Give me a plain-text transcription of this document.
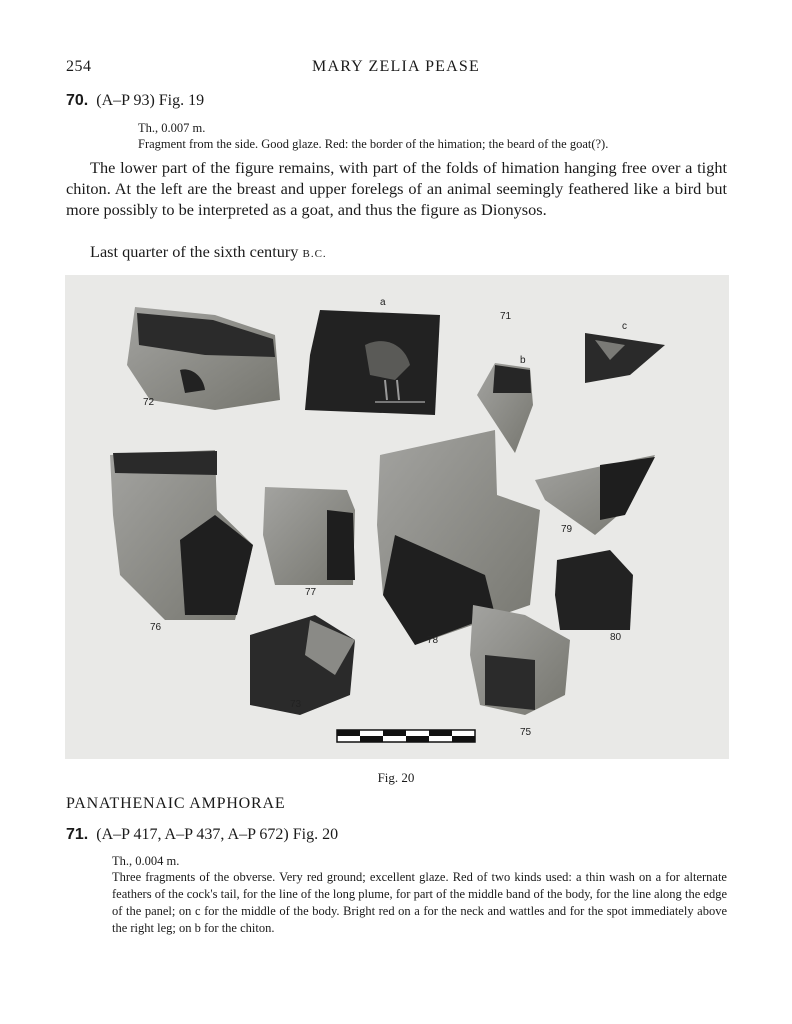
254	MARY ZELIA PEASE
70. (A–P 93) Fig. 19
Th., 0.007 m.
Fragment from the side. Good glaze. Red: the border of the himation; the beard of the goat(?).
The lower part of the figure remains, with part of the folds of himation hanging free over a tight chiton. At the left are the breast and upper forelegs of an animal seemingly feathered like a bird but more possibly to be interpreted as a goat, and thus the figure as Dionysos.
Last quarter of the sixth century B.C.
a
71
b
c
72
76
77
78
79
80
73
75
Fig. 20
PANATHENAIC AMPHORAE
71. (A–P 417, A–P 437, A–P 672) Fig. 20
Th., 0.004 m.
Three fragments of the obverse. Very red ground; excellent glaze. Red of two kinds used: a thin wash on a for alternate feathers of the cock's tail, for the line of the long plume, for part of the middle band of the body, for the line along the edge of the panel; on c for the middle of the body. Bright red on a for the neck and wattles and for the spot immediately above the right leg; on b for the chiton.
